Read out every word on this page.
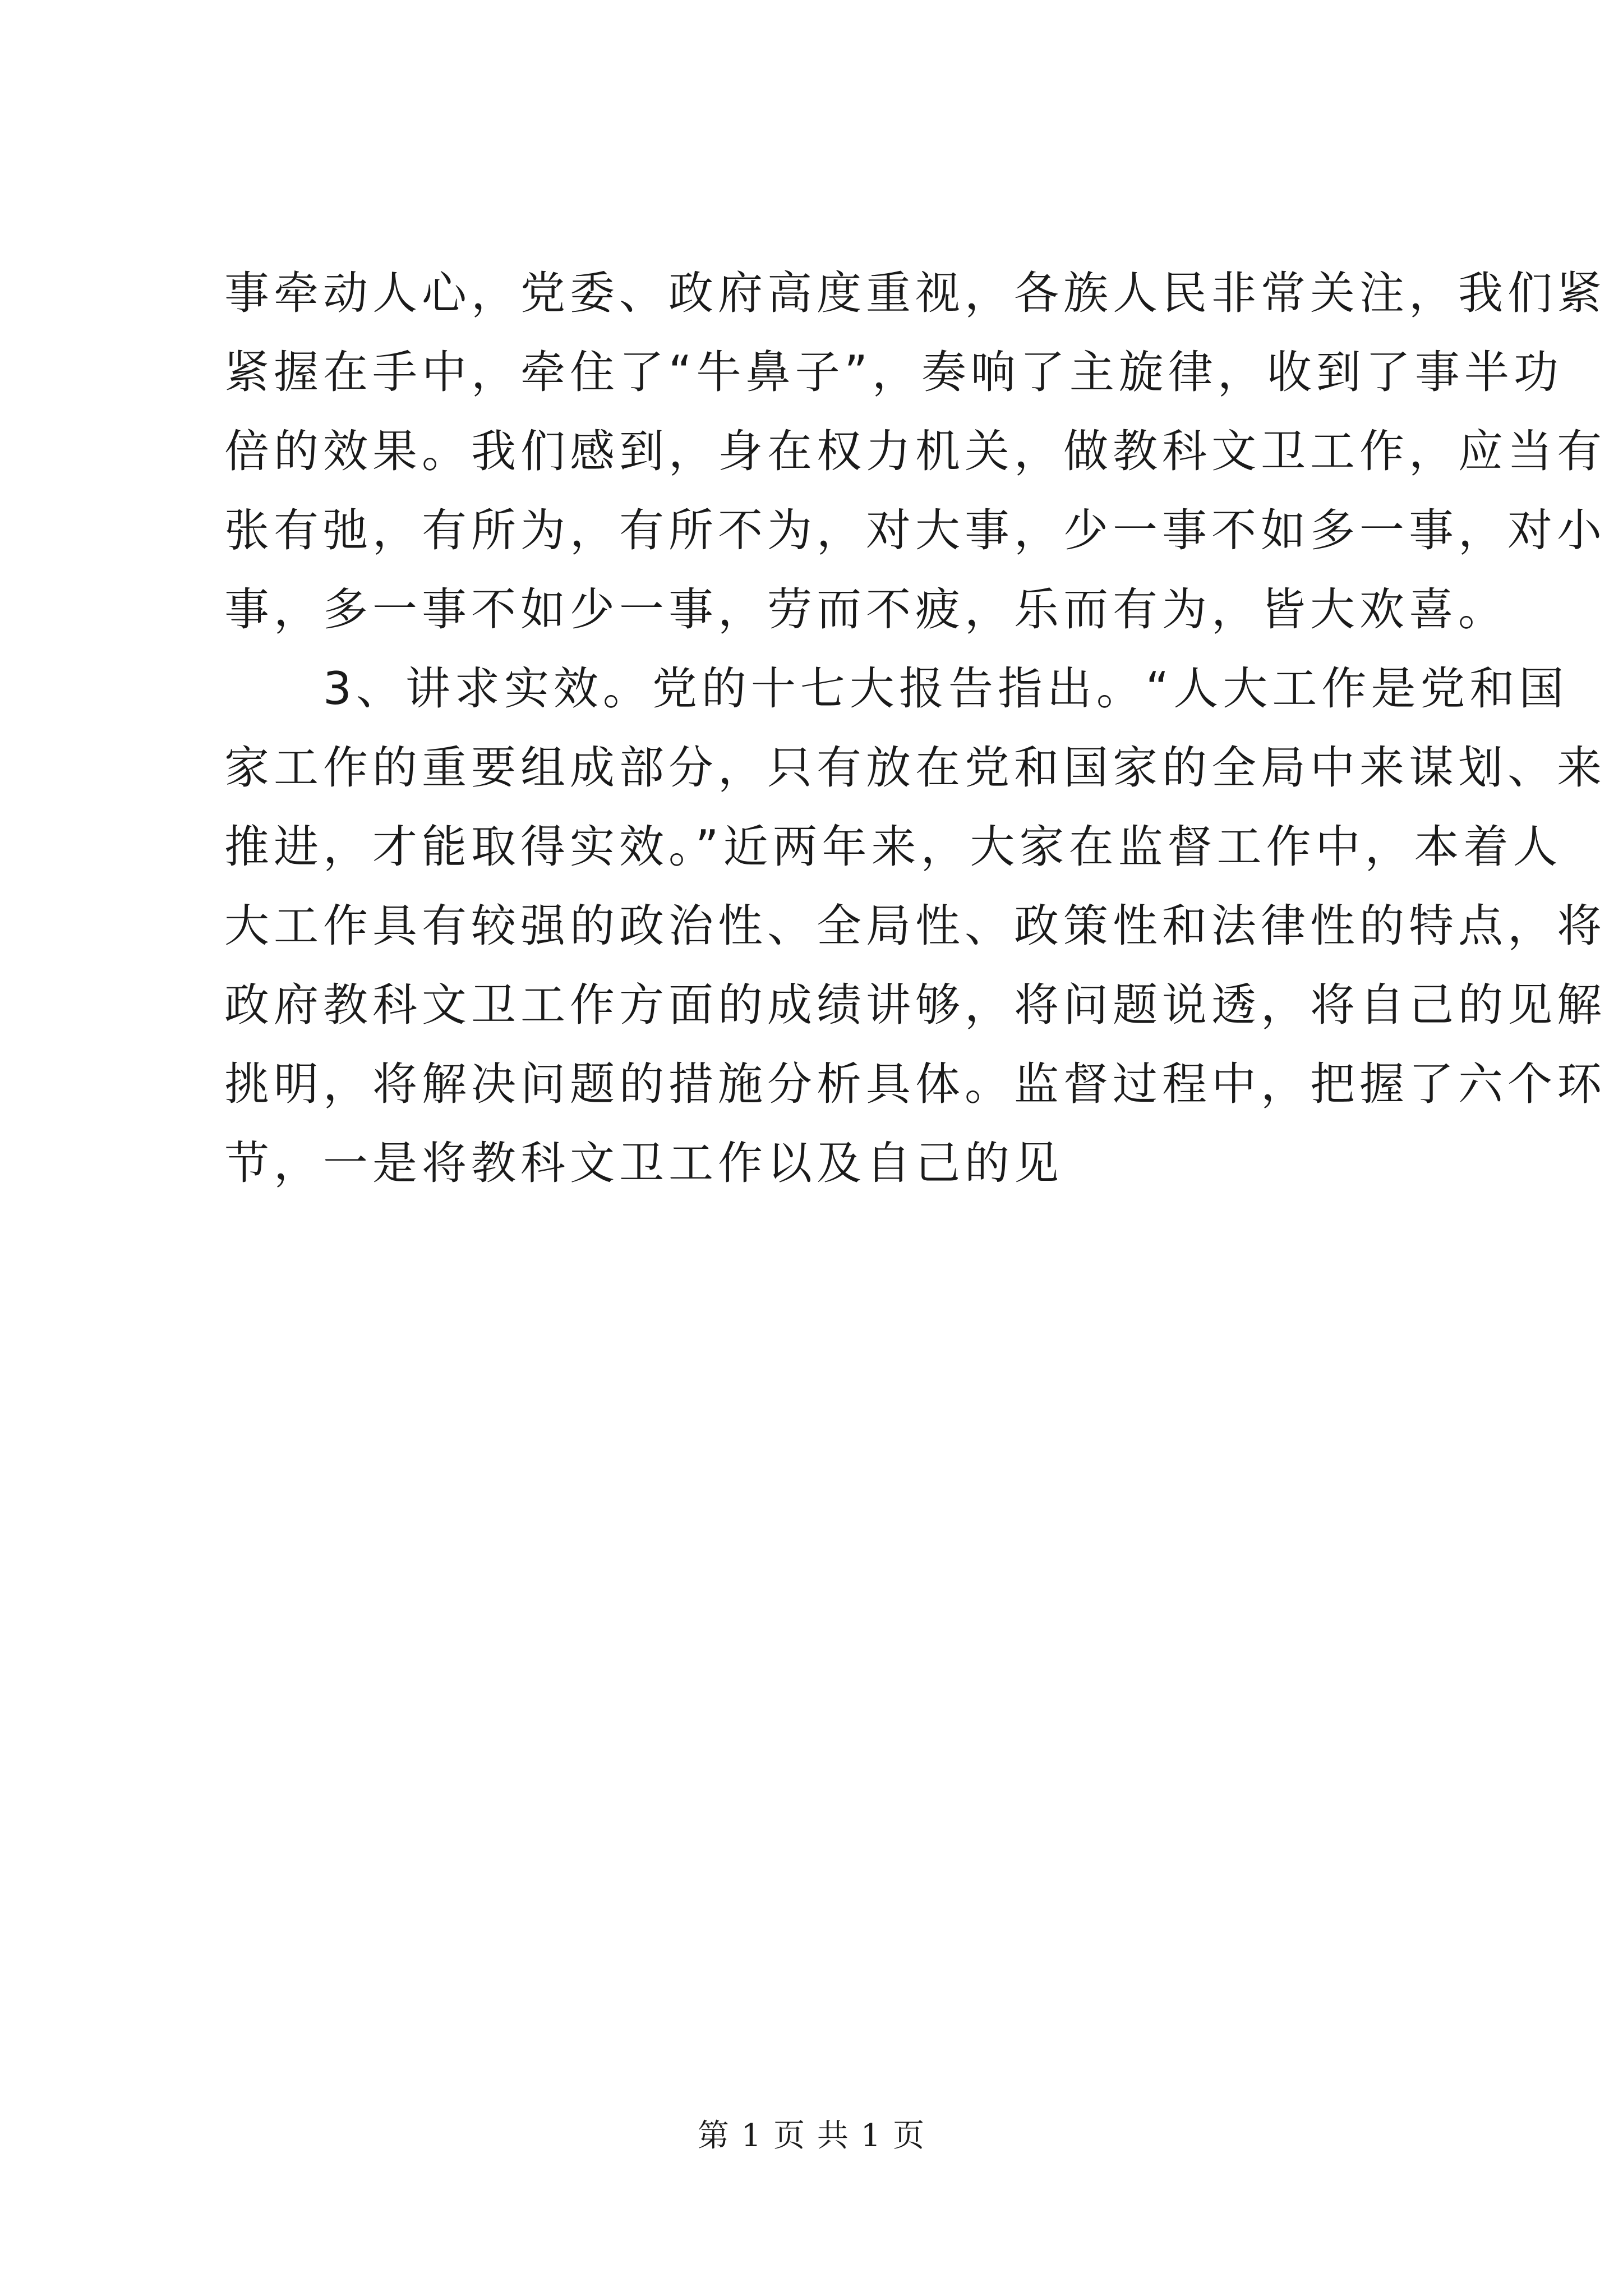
事牵动人心，党委、政府高度重视，各族人民非常关注，我们紧
紧握在手中，牵住了“牛鼻子”，奏响了主旋律，收到了事半功
倍的效果。我们感到，身在权力机关，做教科文卫工作，应当有
张有弛，有所为，有所不为，对大事，少一事不如多一事，对小
事，多一事不如少一事，劳而不疲，乐而有为，皆大欢喜。
3、讲求实效。党的十七大报告指出。“人大工作是党和国
家工作的重要组成部分，只有放在党和国家的全局中来谋划、来
推进，才能取得实效。”近两年来，大家在监督工作中，本着人
大工作具有较强的政治性、全局性、政策性和法律性的特点，将
政府教科文卫工作方面的成绩讲够，将问题说透，将自己的见解
挑明，将解决问题的措施分析具体。监督过程中，把握了六个环
节，一是将教科文卫工作以及自己的见
第 1 页 共 1 页
